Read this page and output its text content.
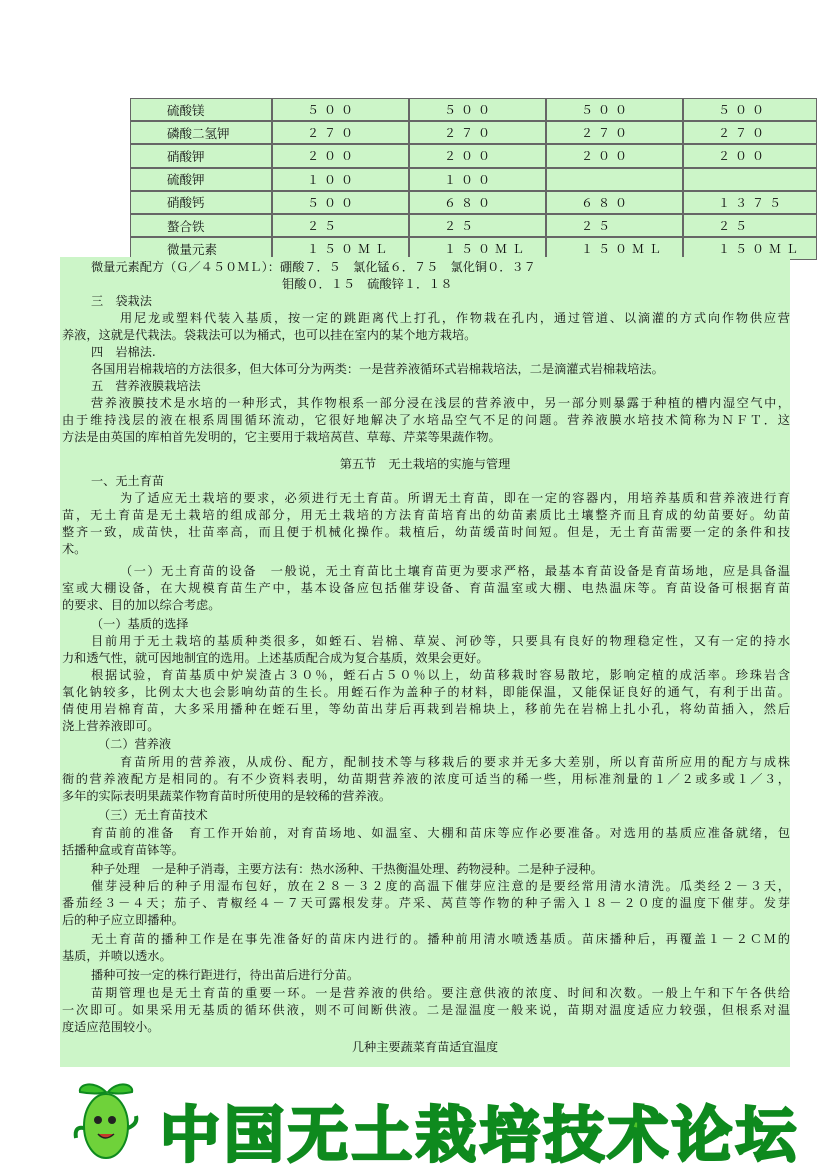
硫酸镁	５００	５００	５００	５００
磷酸二氢钾	２７０	２７０	２７０	２７０
硝酸钾	２００	２００	２００	２００
硫酸钾	１００	１００		
硝酸钙	５００	６８０	６８０	１３７５
螯合铁	２５	２５	２５	２５
微量元素	１５０ＭＬ	１５０ＭＬ	１５０ＭＬ	１５０ＭＬ
微量元素配方（Ｇ／４５０ＭＬ）：硼酸７．５　氯化锰６．７５　氯化铜０．３７
钼酸０．１５　硫酸锌１．１８
三　袋栽法
用尼龙或塑料代装入基质，按一定的跳距离代上打孔，作物栽在孔内，通过管道、以滴灌的方式向作物供应营
养液，这就是代栽法。袋栽法可以为桶式，也可以挂在室内的某个地方栽培。
四　岩棉法.
各国用岩棉栽培的方法很多，但大体可分为两类：一是营养液循环式岩棉栽培法，二是滴灌式岩棉栽培法。
五　营养液膜栽培法
营养液膜技术是水培的一种形式，其作物根系一部分浸在浅层的营养液中，另一部分则暴露于种植的槽内湿空气中，
由于维持浅层的液在根系周围循环流动，它很好地解决了水培品空气不足的问题。营养液膜水培技术简称为ＮＦＴ．这
方法是由英国的库柏首先发明的，它主要用于栽培莴苣、草莓、芹菜等果蔬作物。
第五节　无土栽培的实施与管理
一、无土育苗
为了适应无土栽培的要求，必须进行无土育苗。所谓无土育苗，即在一定的容器内，用培养基质和营养液进行育
苗，无土育苗是无土栽培的组成部分，用无土栽培的方法育苗培育出的幼苗素质比土壤整齐而且育成的幼苗要好。幼苗
整齐一致，成苗快，壮苗率高，而且便于机械化操作。栽植后，幼苗缓苗时间短。但是，无土育苗需要一定的条件和技
术。
（一）无土育苗的设备　一般说，无土育苗比土壤育苗更为要求严格，最基本育苗设备是育苗场地，应是具备温
室或大棚设备，在大规模育苗生产中，基本设备应包括催芽设备、育苗温室或大棚、电热温床等。育苗设备可根据育苗
的要求、目的加以综合考虑。
（一）基质的选择
目前用于无土栽培的基质种类很多，如蛭石、岩棉、草炭、河砂等，只要具有良好的物理稳定性，又有一定的持水
力和透气性，就可因地制宜的选用。上述基质配合成为复合基质，效果会更好。
根据试验，育苗基质中炉炭渣占３０％，蛭石占５０％以上，幼苗移栽时容易散坨，影响定植的成活率。珍珠岩含
氧化钠较多，比例太大也会影响幼苗的生长。用蛭石作为盖种子的材料，即能保温，又能保证良好的通气，有利于出苗。
倩使用岩棉育苗，大多采用播种在蛭石里，等幼苗出芽后再栽到岩棉块上，移前先在岩棉上扎小孔，将幼苗插入，然后
浇上营养液即可。
（二）营养液
育苗所用的营养液，从成份、配方，配制技术等与移栽后的要求并无多大差别，所以育苗所应用的配方与成株
衙的营养液配方是相同的。有不少资料表明，幼苗期营养液的浓度可适当的稀一些，用标准剂量的１／２或多或１／３，
多年的实际表明果蔬菜作物育苗时所使用的是较稀的营养液。
（三）无土育苗技术
育苗前的准备　育工作开始前，对育苗场地、如温室、大棚和苗床等应作必要准备。对选用的基质应准备就绪，包
括播种盒或育苗钵等。
种子处理　一是种子消毒，主要方法有：热水汤种、干热衡温处理、药物浸种。二是种子浸种。
催芽浸种后的种子用湿布包好，放在２８－３２度的高温下催芽应注意的是要经常用清水清洗。瓜类经２－３天，
番茄经３－４天；茄子、青椒经４－７天可露根发芽。芹采、莴苣等作物的种子需入１８－２０度的温度下催芽。发芽
后的种子应立即播种。
无土育苗的播种工作是在事先准备好的苗床内进行的。播种前用清水喷透基质。苗床播种后，再覆盖１－２ＣＭ的
基质，并喷以透水。
播种可按一定的株行距进行，待出苗后进行分苗。
苗期管理也是无土育苗的重要一环。一是营养液的供给。要注意供液的浓度、时间和次数。一般上午和下午各供给
一次即可。如果采用无基质的循环供液，则不可间断供液。二是湿温度一般来说，苗期对温度适应力较强，但根系对温
度适应范围较小。
几种主要蔬菜育苗适宜温度
中国无土栽培技术论坛
